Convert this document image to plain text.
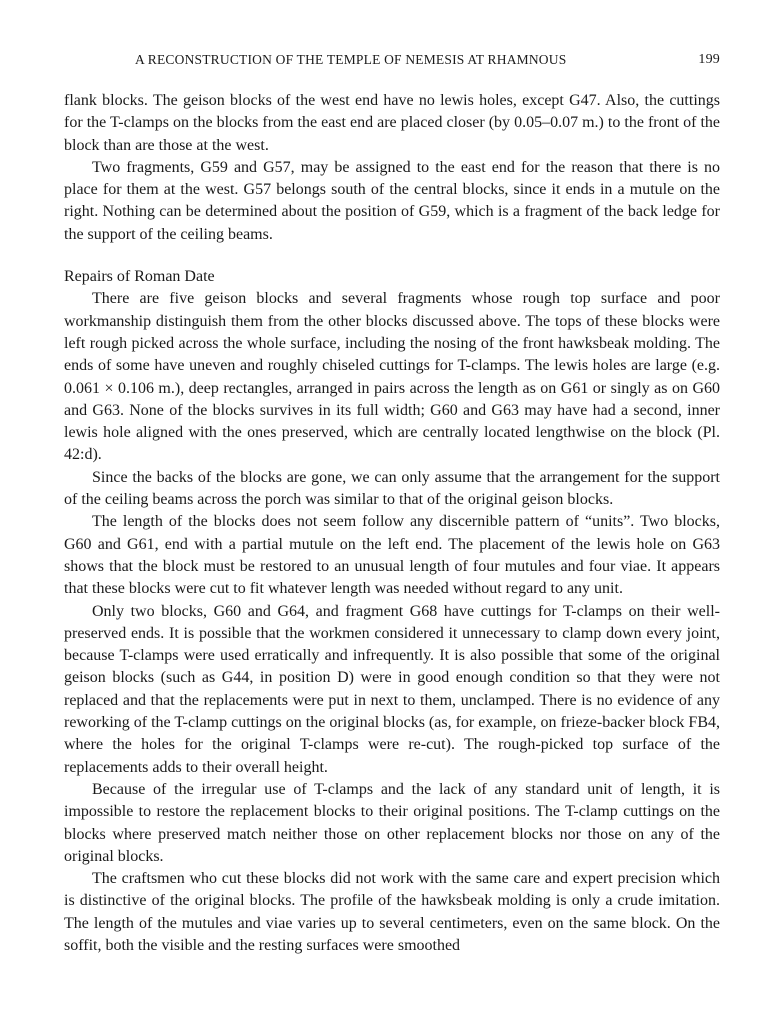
A RECONSTRUCTION OF THE TEMPLE OF NEMESIS AT RHAMNOUS	199

flank blocks. The geison blocks of the west end have no lewis holes, except G47. Also, the cuttings for the T-clamps on the blocks from the east end are placed closer (by 0.05–0.07 m.) to the front of the block than are those at the west.

Two fragments, G59 and G57, may be assigned to the east end for the reason that there is no place for them at the west. G57 belongs south of the central blocks, since it ends in a mutule on the right. Nothing can be determined about the position of G59, which is a fragment of the back ledge for the support of the ceiling beams.

Repairs of Roman Date

There are five geison blocks and several fragments whose rough top surface and poor workmanship distinguish them from the other blocks discussed above. The tops of these blocks were left rough picked across the whole surface, including the nosing of the front hawksbeak molding. The ends of some have uneven and roughly chiseled cuttings for T-clamps. The lewis holes are large (e.g. 0.061 × 0.106 m.), deep rectangles, arranged in pairs across the length as on G61 or singly as on G60 and G63. None of the blocks survives in its full width; G60 and G63 may have had a second, inner lewis hole aligned with the ones preserved, which are centrally located lengthwise on the block (Pl. 42:d).

Since the backs of the blocks are gone, we can only assume that the arrangement for the support of the ceiling beams across the porch was similar to that of the original geison blocks.

The length of the blocks does not seem follow any discernible pattern of “units”. Two blocks, G60 and G61, end with a partial mutule on the left end. The placement of the lewis hole on G63 shows that the block must be restored to an unusual length of four mutules and four viae. It appears that these blocks were cut to fit whatever length was needed without regard to any unit.

Only two blocks, G60 and G64, and fragment G68 have cuttings for T-clamps on their well-preserved ends. It is possible that the workmen considered it unnecessary to clamp down every joint, because T-clamps were used erratically and infrequently. It is also possible that some of the original geison blocks (such as G44, in position D) were in good enough condition so that they were not replaced and that the replacements were put in next to them, unclamped. There is no evidence of any reworking of the T-clamp cuttings on the original blocks (as, for example, on frieze-backer block FB4, where the holes for the original T-clamps were re-cut). The rough-picked top surface of the replacements adds to their overall height.

Because of the irregular use of T-clamps and the lack of any standard unit of length, it is impossible to restore the replacement blocks to their original positions. The T-clamp cuttings on the blocks where preserved match neither those on other replacement blocks nor those on any of the original blocks.

The craftsmen who cut these blocks did not work with the same care and expert precision which is distinctive of the original blocks. The profile of the hawksbeak molding is only a crude imitation. The length of the mutules and viae varies up to several centimeters, even on the same block. On the soffit, both the visible and the resting surfaces were smoothed
